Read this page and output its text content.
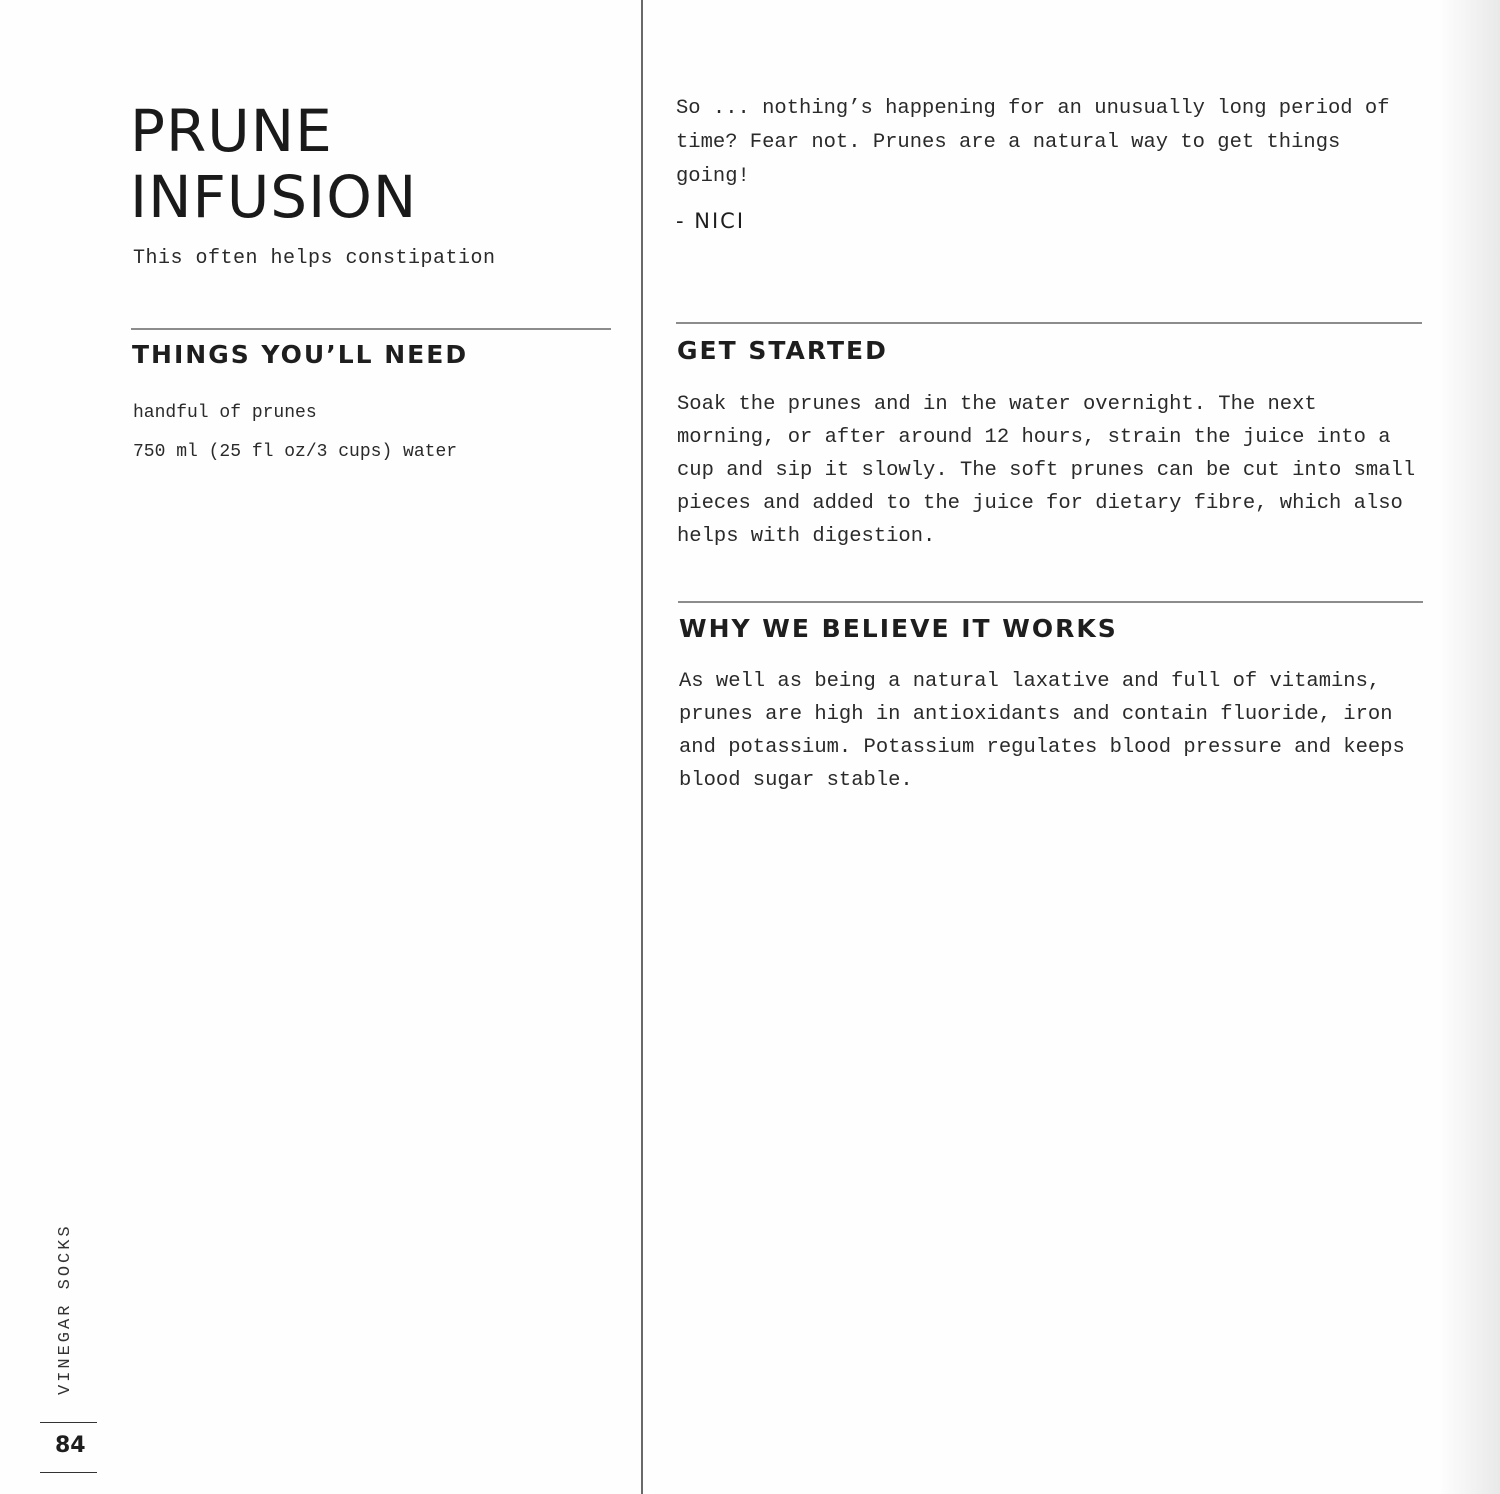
PRUNE
INFUSION
This often helps constipation
THINGS YOU’LL NEED
handful of prunes
750 ml (25 fl oz/3 cups) water
VINEGAR SOCKS
84

So ... nothing’s happening for an unusually long period of time? Fear not. Prunes are a natural way to get things going!

- NICI
GET STARTED

Soak the prunes and in the water overnight. The next morning, or after around 12 hours, strain the juice into a cup and sip it slowly. The soft prunes can be cut into small pieces and added to the juice for dietary fibre, which also helps with digestion.

WHY WE BELIEVE IT WORKS

As well as being a natural laxative and full of vitamins, prunes are high in antioxidants and contain fluoride, iron and potassium. Potassium regulates blood pressure and keeps blood sugar stable.
